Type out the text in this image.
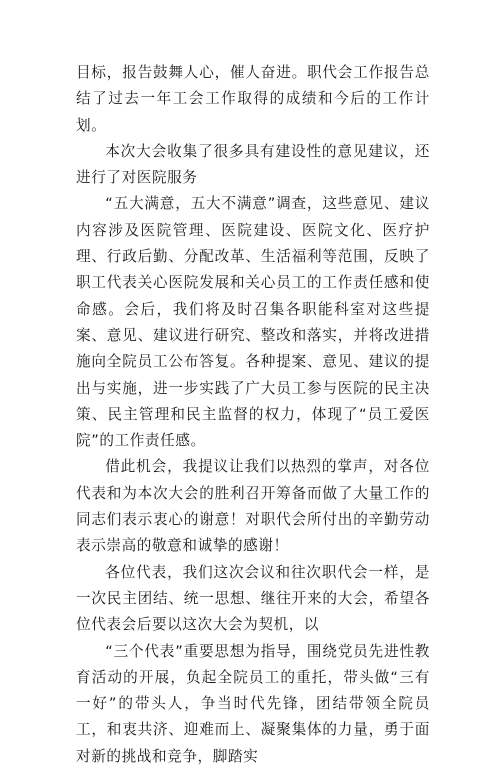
目标，报告鼓舞人心，催人奋进。职代会工作报告总结了过去一年工会工作取得的成绩和今后的工作计划。

本次大会收集了很多具有建设性的意见建议，还进行了对医院服务

“五大满意，五大不满意”调查，这些意见、建议内容涉及医院管理、医院建设、医院文化、医疗护理、行政后勤、分配改革、生活福利等范围，反映了职工代表关心医院发展和关心员工的工作责任感和使命感。会后，我们将及时召集各职能科室对这些提案、意见、建议进行研究、整改和落实，并将改进措施向全院员工公布答复。各种提案、意见、建议的提出与实施，进一步实践了广大员工参与医院的民主决策、民主管理和民主监督的权力，体现了“员工爱医院”的工作责任感。

借此机会，我提议让我们以热烈的掌声，对各位代表和为本次大会的胜利召开筹备而做了大量工作的同志们表示衷心的谢意！对职代会所付出的辛勤劳动表示崇高的敬意和诚挚的感谢！

各位代表，我们这次会议和往次职代会一样，是一次民主团结、统一思想、继往开来的大会，希望各位代表会后要以这次大会为契机，以

“三个代表”重要思想为指导，围绕党员先进性教育活动的开展，负起全院员工的重托，带头做“三有一好”的带头人，争当时代先锋，团结带领全院员工，和衷共济、迎难而上、凝聚集体的力量，勇于面对新的挑战和竞争，脚踏实
